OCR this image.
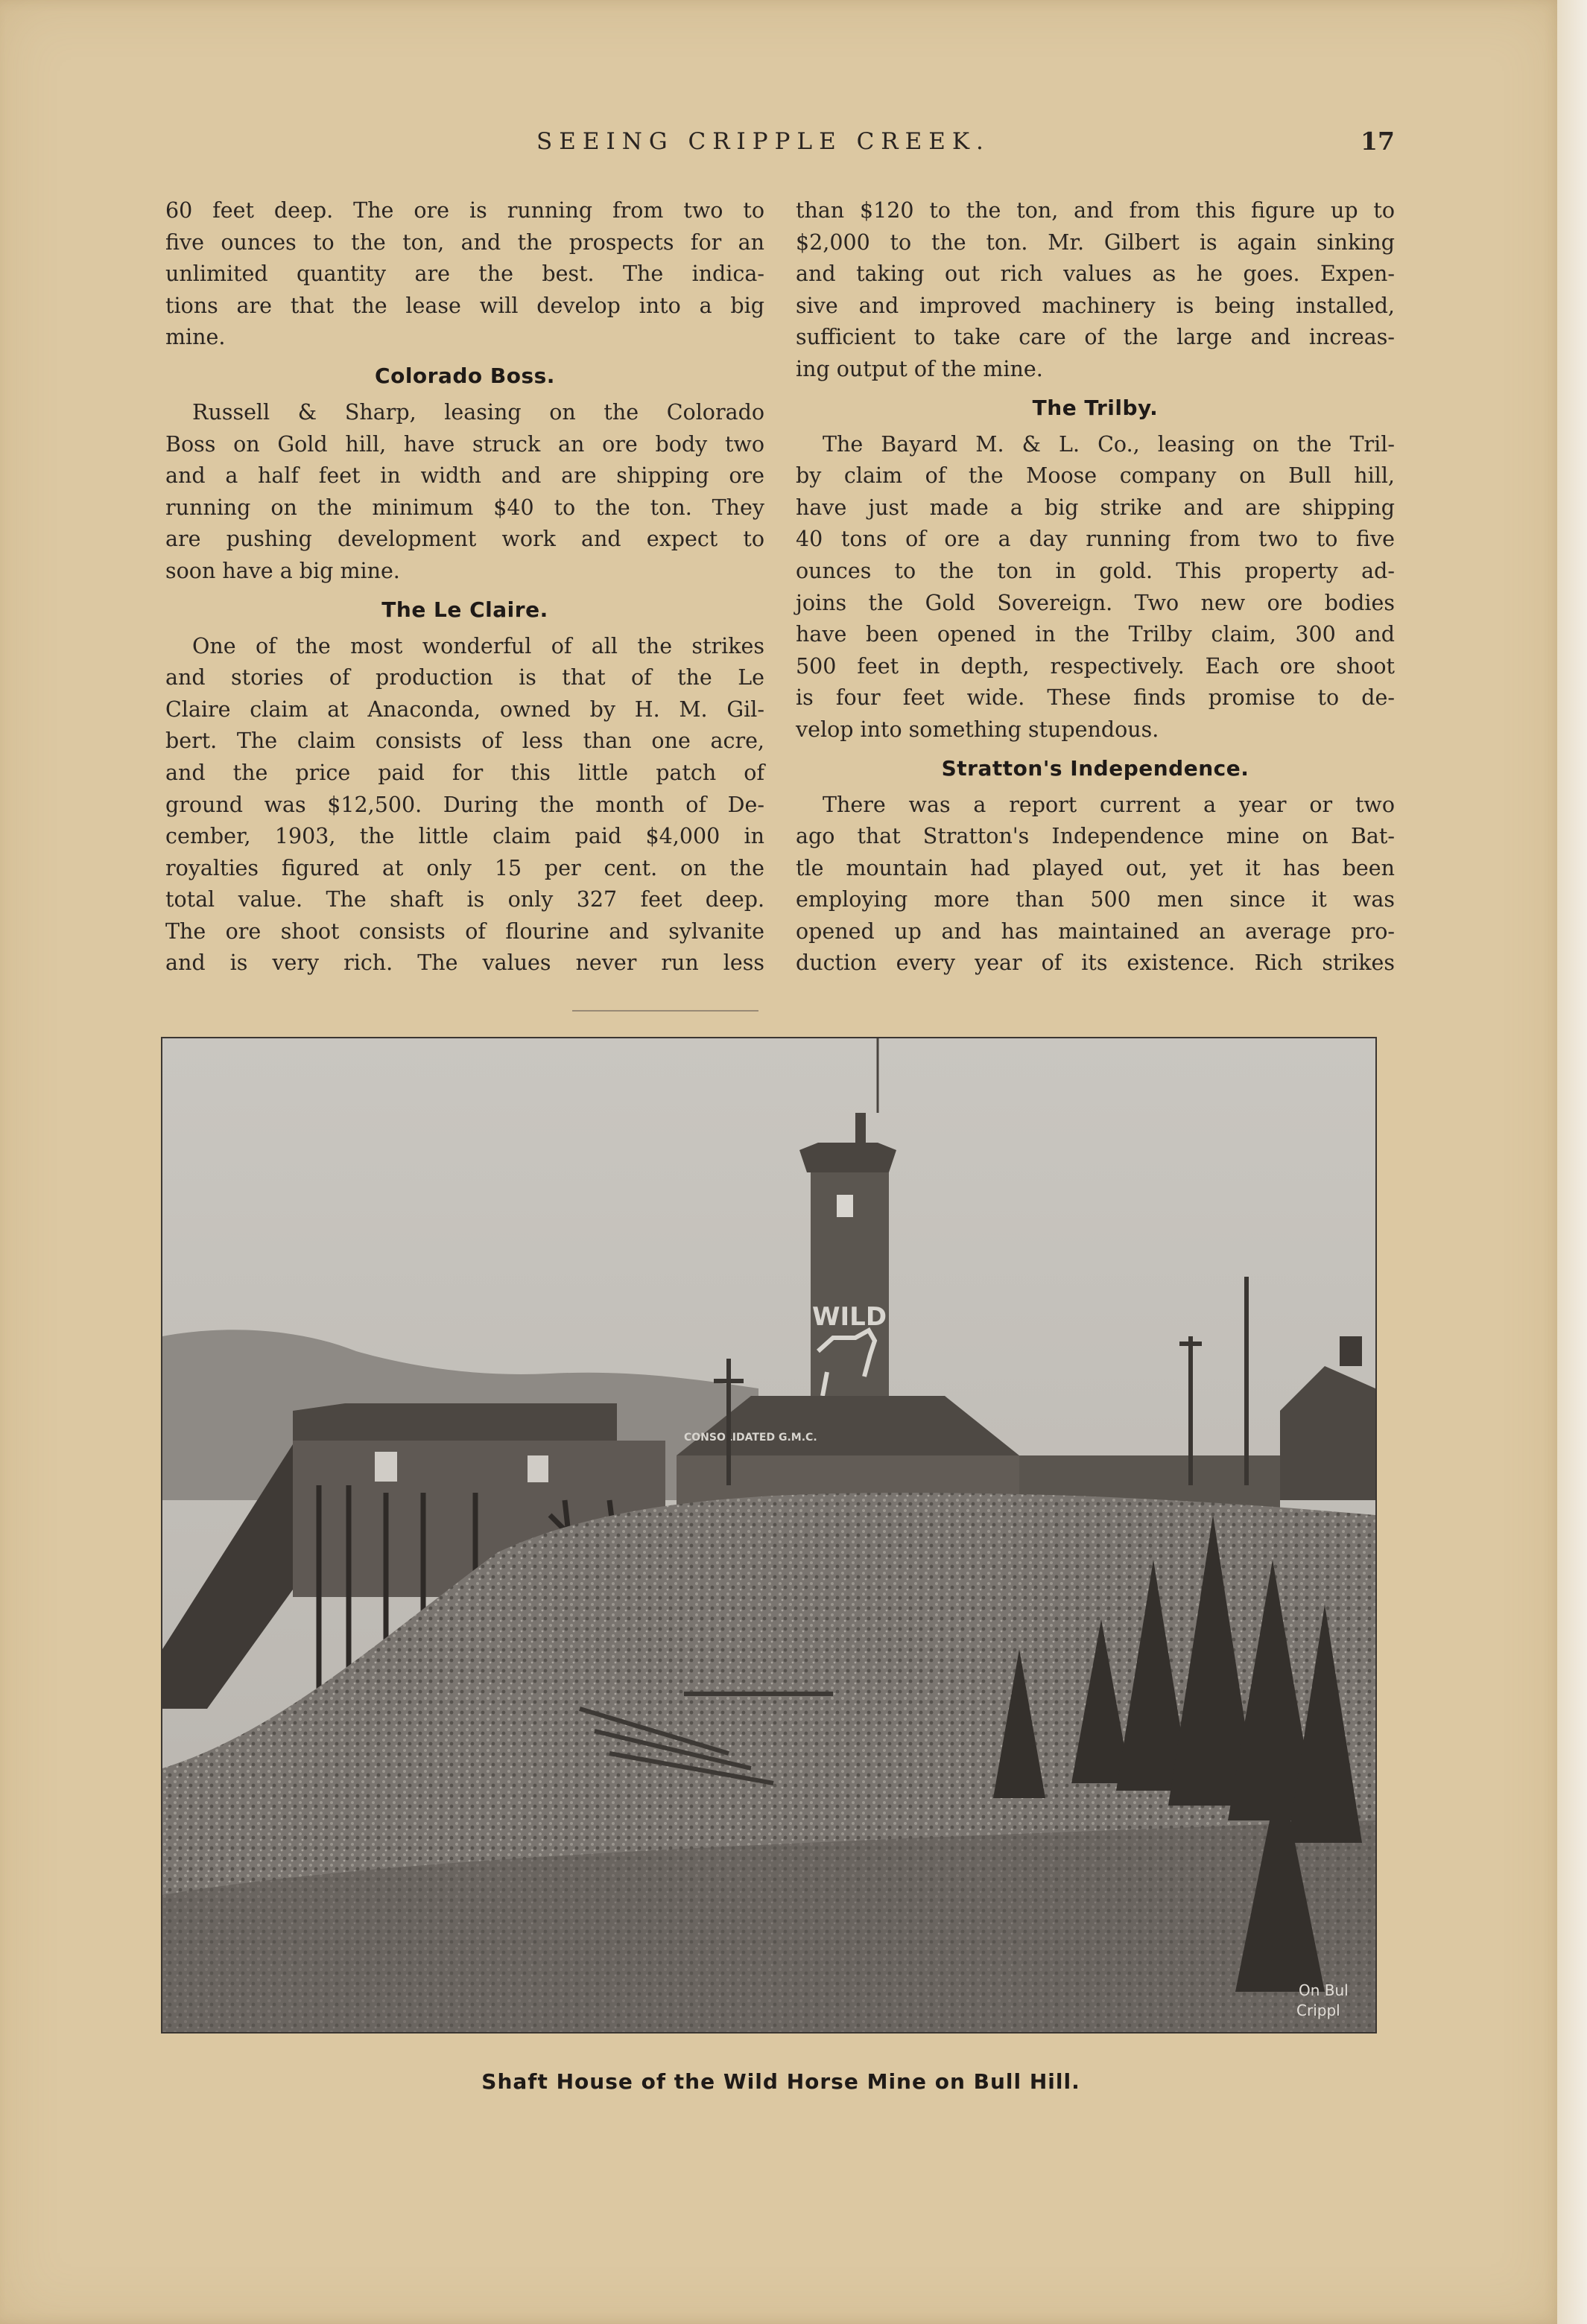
SEEING CRIPPLE CREEK.	17
60 feet deep. The ore is running from two to
five ounces to the ton, and the prospects for an
unlimited quantity are the best. The indica-
tions are that the lease will develop into a big
mine.
Colorado Boss.
Russell & Sharp, leasing on the Colorado
Boss on Gold hill, have struck an ore body two
and a half feet in width and are shipping ore
running on the minimum $40 to the ton. They
are pushing development work and expect to
soon have a big mine.
The Le Claire.
One of the most wonderful of all the strikes
and stories of production is that of the Le
Claire claim at Anaconda, owned by H. M. Gil-
bert. The claim consists of less than one acre,
and the price paid for this little patch of
ground was $12,500. During the month of De-
cember, 1903, the little claim paid $4,000 in
royalties figured at only 15 per cent. on the
total value. The shaft is only 327 feet deep.
The ore shoot consists of flourine and sylvanite
and is very rich. The values never run less
than $120 to the ton, and from this figure up to
$2,000 to the ton. Mr. Gilbert is again sinking
and taking out rich values as he goes. Expen-
sive and improved machinery is being installed,
sufficient to take care of the large and increas-
ing output of the mine.
The Trilby.
The Bayard M. & L. Co., leasing on the Tril-
by claim of the Moose company on Bull hill,
have just made a big strike and are shipping
40 tons of ore a day running from two to five
ounces to the ton in gold. This property ad-
joins the Gold Sovereign. Two new ore bodies
have been opened in the Trilby claim, 300 and
500 feet in depth, respectively. Each ore shoot
is four feet wide. These finds promise to de-
velop into something stupendous.
Stratton's Independence.
There was a report current a year or two
ago that Stratton's Independence mine on Bat-
tle mountain had played out, yet it has been
employing more than 500 men since it was
opened up and has maintained an average pro-
duction every year of its existence. Rich strikes
WILD
CONSOLIDATED G.M.C.
On Bul
Crippl
Shaft House of the Wild Horse Mine on Bull Hill.
